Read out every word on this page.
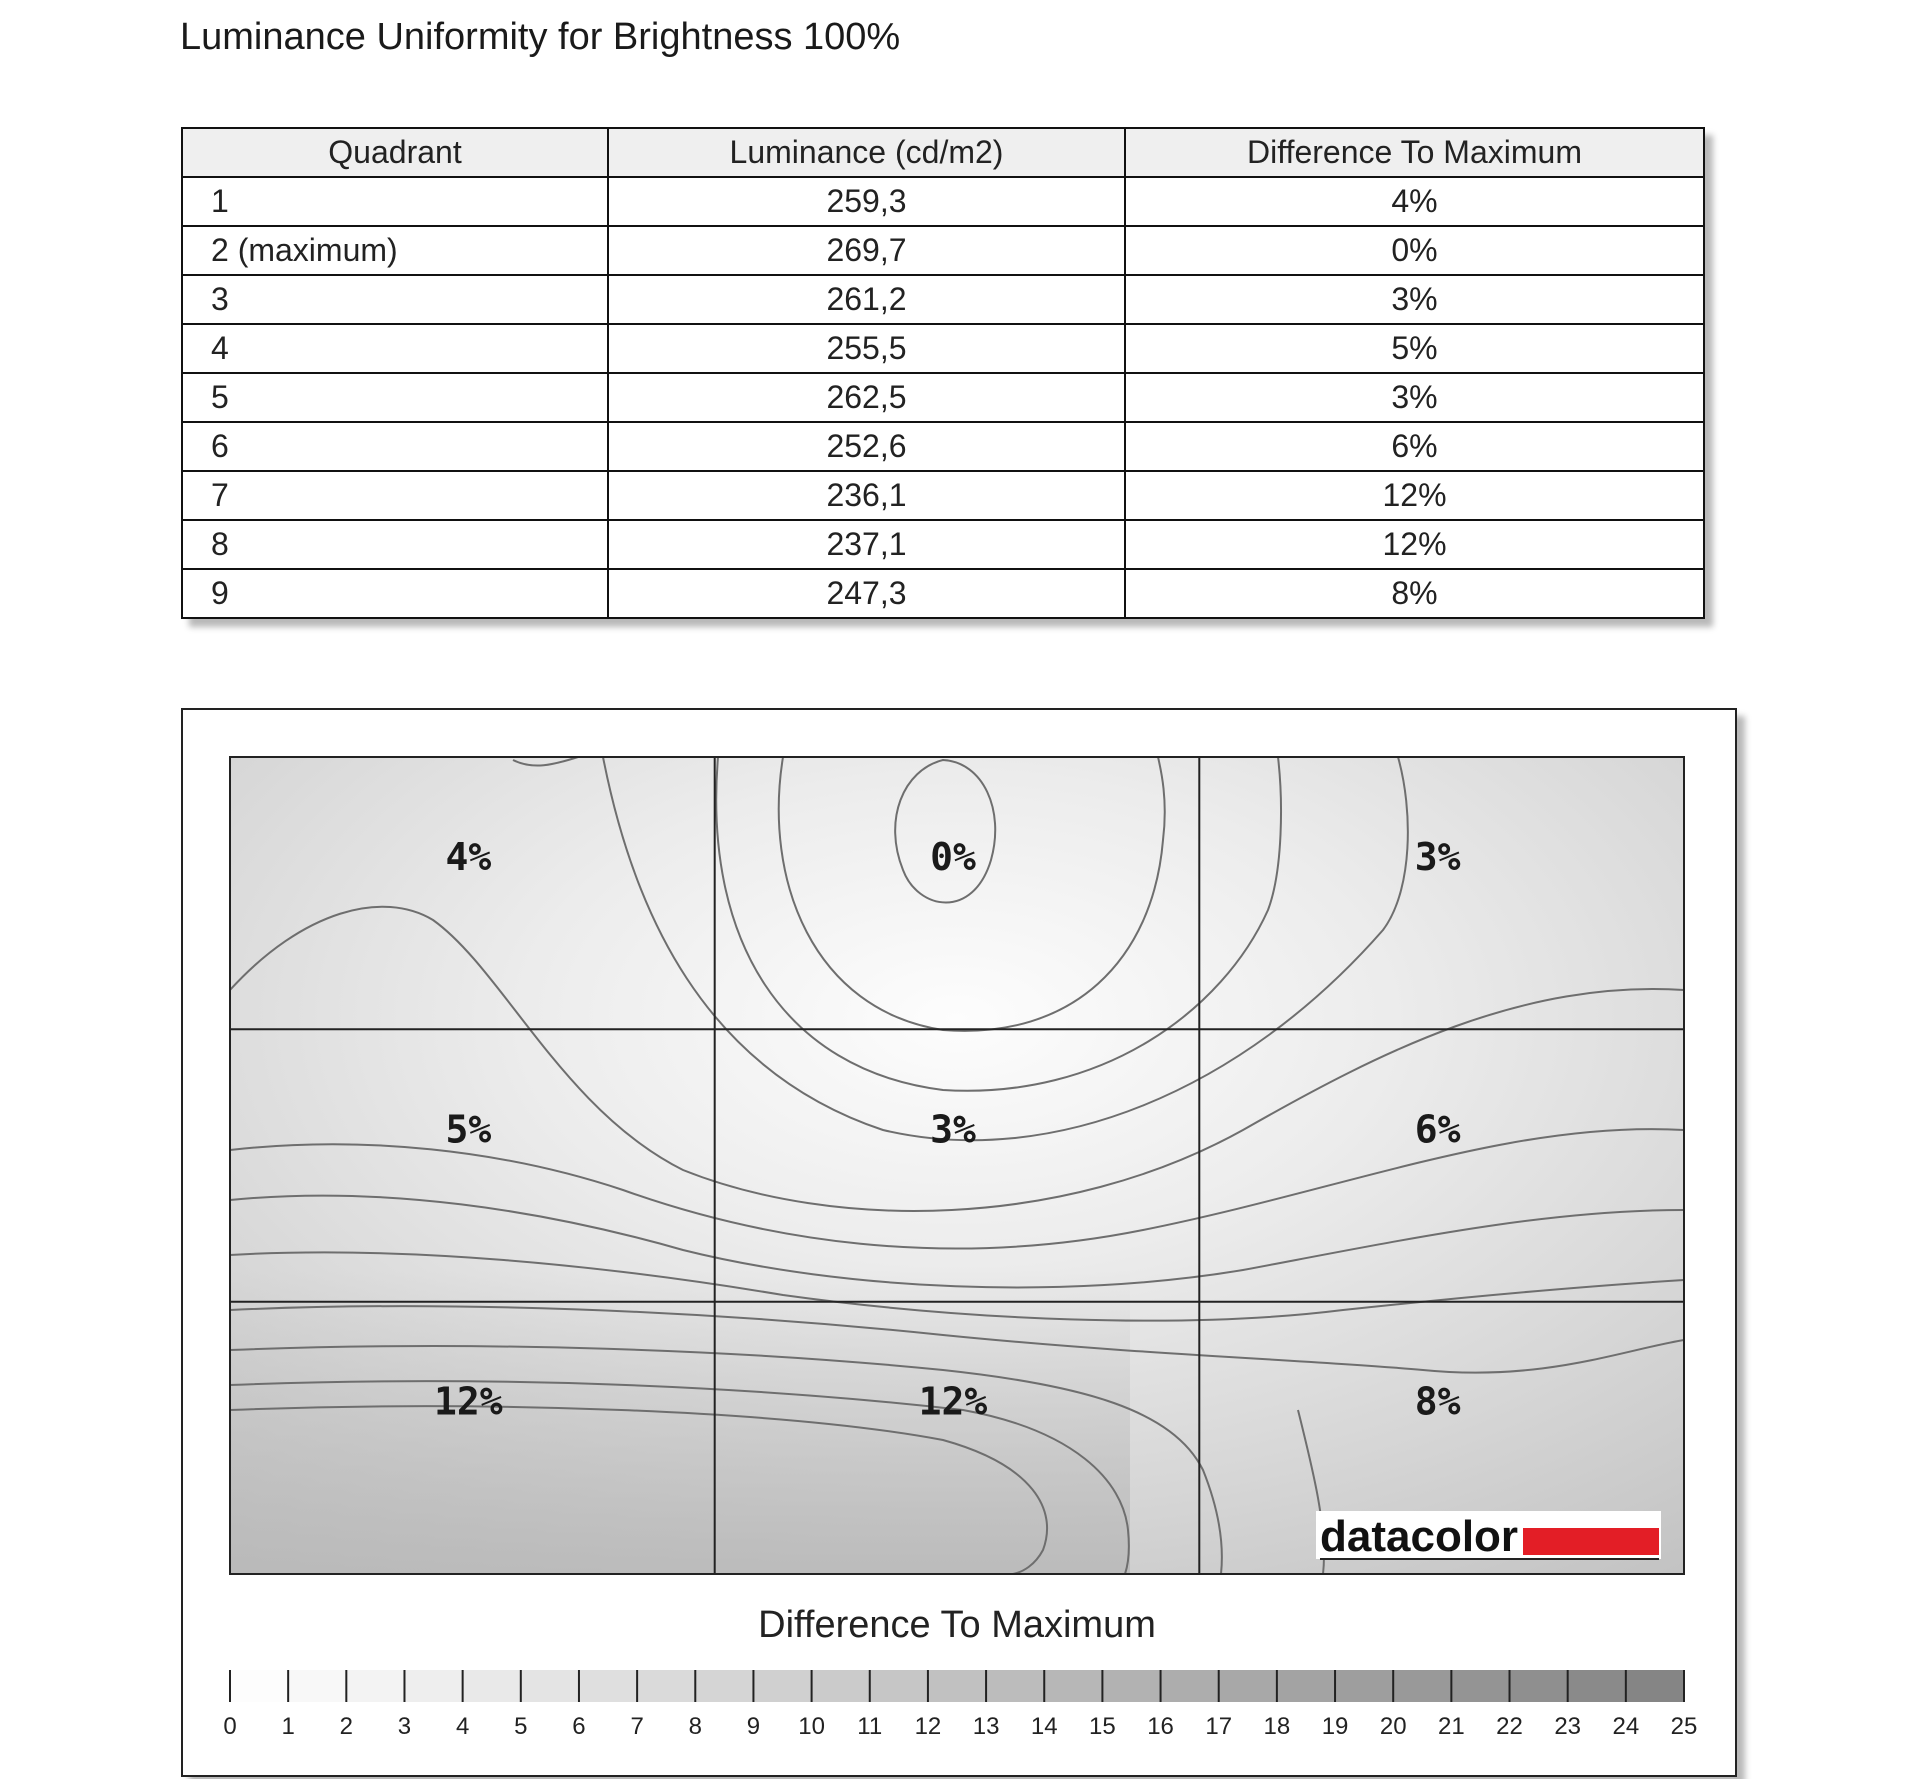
Luminance Uniformity for Brightness 100%
Quadrant	Luminance (cd/m2)	Difference To Maximum
1	259,3	4%
2 (maximum)	269,7	0%
3	261,2	3%
4	255,5	5%
5	262,5	3%
6	252,6	6%
7	236,1	12%
8	237,1	12%
9	247,3	8%
4%	0%	3%
5%	3%	6%
12%	12%	8%
datacolor
Difference To Maximum
0 1 2 3 4 5 6 7 8 9 10 11 12 13 14 15 16 17 18 19 20 21 22 23 24 25
